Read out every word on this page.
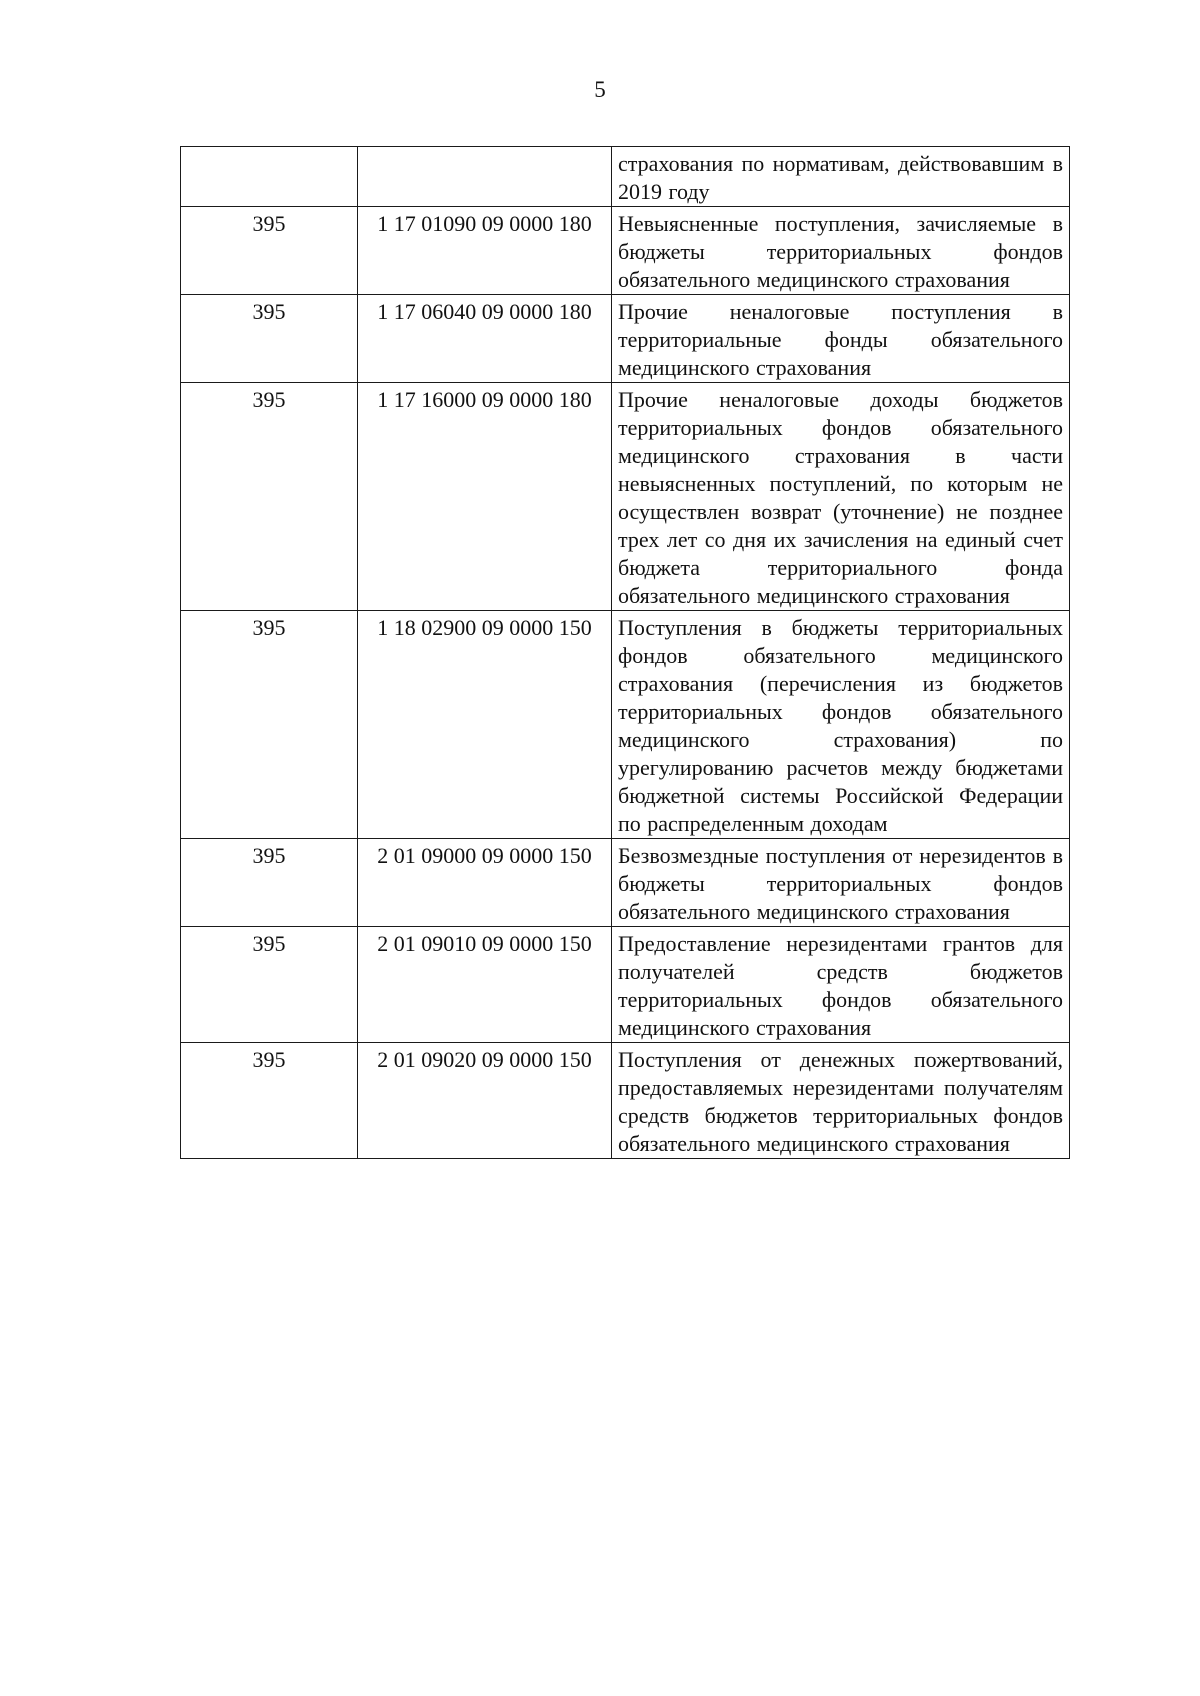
5
		страхования по нормативам, действовавшим в 2019 году
395	1 17 01090 09 0000 180	Невыясненные поступления, зачисляемые в бюджеты территориальных фондов обязательного медицинского страхования
395	1 17 06040 09 0000 180	Прочие неналоговые поступления в территориальные фонды обязательного медицинского страхования
395	1 17 16000 09 0000 180	Прочие неналоговые доходы бюджетов территориальных фондов обязательного медицинского страхования в части невыясненных поступлений, по которым не осуществлен возврат (уточнение) не позднее трех лет со дня их зачисления на единый счет бюджета территориального фонда обязательного медицинского страхования
395	1 18 02900 09 0000 150	Поступления в бюджеты территориальных фондов обязательного медицинского страхования (перечисления из бюджетов территориальных фондов обязательного медицинского страхования) по урегулированию расчетов между бюджетами бюджетной системы Российской Федерации по распределенным доходам
395	2 01 09000 09 0000 150	Безвозмездные поступления от нерезидентов в бюджеты территориальных фондов обязательного медицинского страхования
395	2 01 09010 09 0000 150	Предоставление нерезидентами грантов для получателей средств бюджетов территориальных фондов обязательного медицинского страхования
395	2 01 09020 09 0000 150	Поступления от денежных пожертвований, предоставляемых нерезидентами получателям средств бюджетов территориальных фондов обязательного медицинского страхования
